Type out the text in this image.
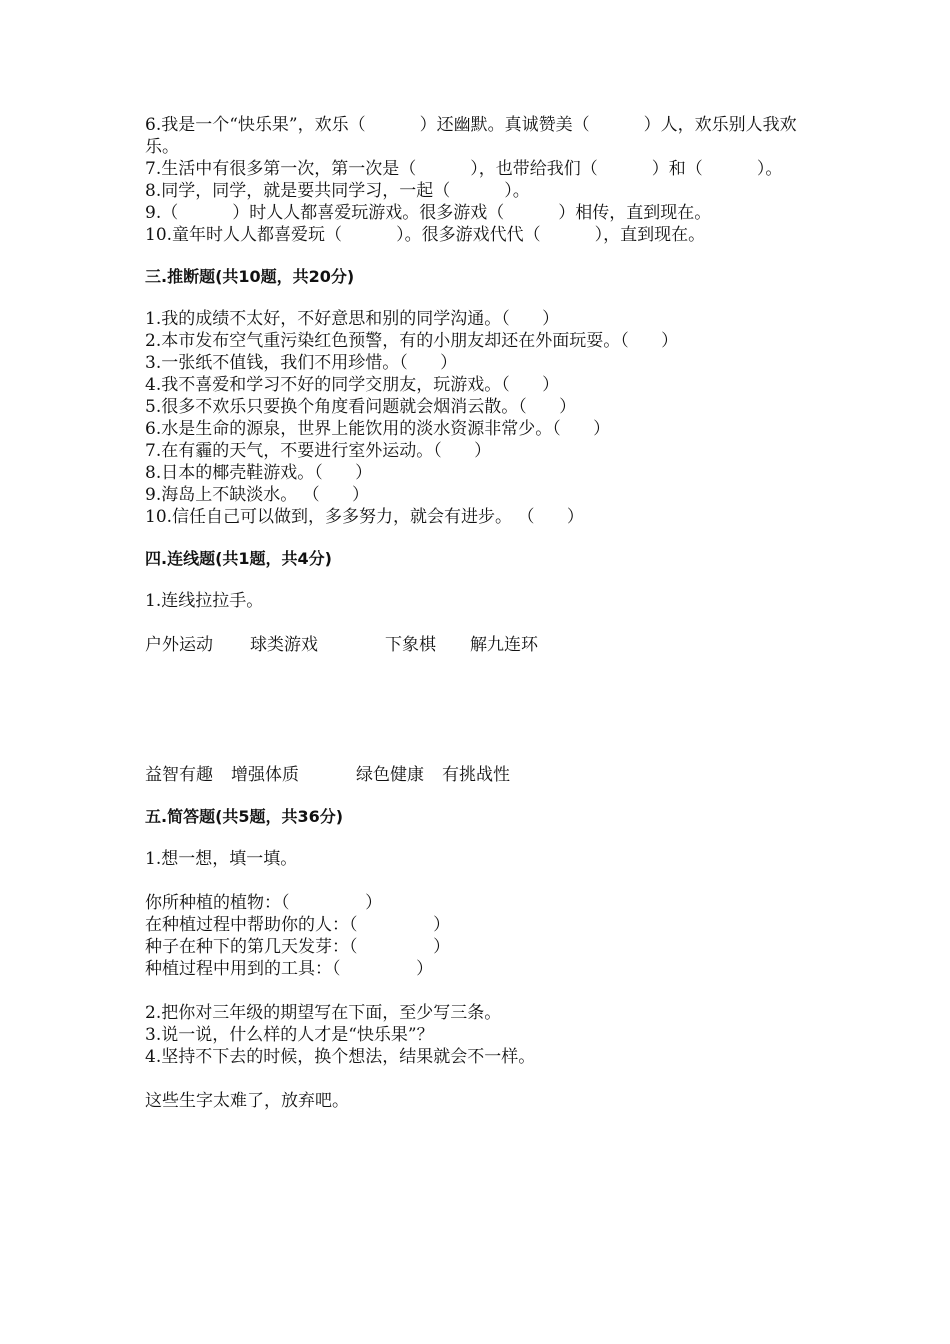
6.我是一个“快乐果”，欢乐（          ）还幽默。真诚赞美（          ）人，欢乐别人我欢乐。

7.生活中有很多第一次，第一次是（          ），也带给我们（          ）和（          ）。

8.同学，同学，就是要共同学习，一起（          ）。

9.（          ）时人人都喜爱玩游戏。很多游戏（          ）相传，直到现在。

10.童年时人人都喜爱玩（          ）。很多游戏代代（          ），直到现在。

三.推断题(共10题，共20分)

1.我的成绩不太好，不好意思和别的同学沟通。（      ）

2.本市发布空气重污染红色预警，有的小朋友却还在外面玩耍。（      ）

3.一张纸不值钱，我们不用珍惜。（      ）

4.我不喜爱和学习不好的同学交朋友，玩游戏。（      ）

5.很多不欢乐只要换个角度看问题就会烟消云散。（      ）

6.水是生命的源泉，世界上能饮用的淡水资源非常少。（      ）

7.在有霾的天气，不要进行室外运动。（      ）

8.日本的椰壳鞋游戏。（      ）

9.海岛上不缺淡水。 （      ）

10.信任自己可以做到，多多努力，就会有进步。 （      ）

四.连线题(共1题，共4分)

1.连线拉拉手。

户外运动	球类游戏	下象棋	解九连环
益智有趣	增强体质	绿色健康	有挑战性

五.简答题(共5题，共36分)

1.想一想，填一填。

你所种植的植物：（              ）

在种植过程中帮助你的人：（              ）

种子在种下的第几天发芽：（              ）

种植过程中用到的工具：（              ）

2.把你对三年级的期望写在下面，至少写三条。

3.说一说，什么样的人才是“快乐果”？

4.坚持不下去的时候，换个想法，结果就会不一样。

这些生字太难了，放弃吧。
